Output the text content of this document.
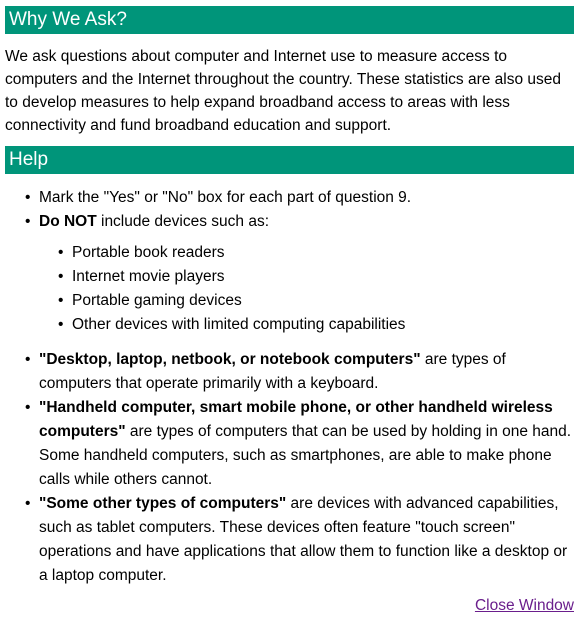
Why We Ask?

We ask questions about computer and Internet use to measure access to computers and the Internet throughout the country. These statistics are also used to develop measures to help expand broadband access to areas with less connectivity and fund broadband education and support.

Help
• Mark the "Yes" or "No" box for each part of question 9.
• Do NOT include devices such as:
• Portable book readers
• Internet movie players
• Portable gaming devices
• Other devices with limited computing capabilities
• "Desktop, laptop, netbook, or notebook computers" are types of computers that operate primarily with a keyboard.
• "Handheld computer, smart mobile phone, or other handheld wireless computers" are types of computers that can be used by holding in one hand. Some handheld computers, such as smartphones, are able to make phone calls while others cannot.
• "Some other types of computers" are devices with advanced capabilities, such as tablet computers. These devices often feature "touch screen" operations and have applications that allow them to function like a desktop or a laptop computer.
Close Window
